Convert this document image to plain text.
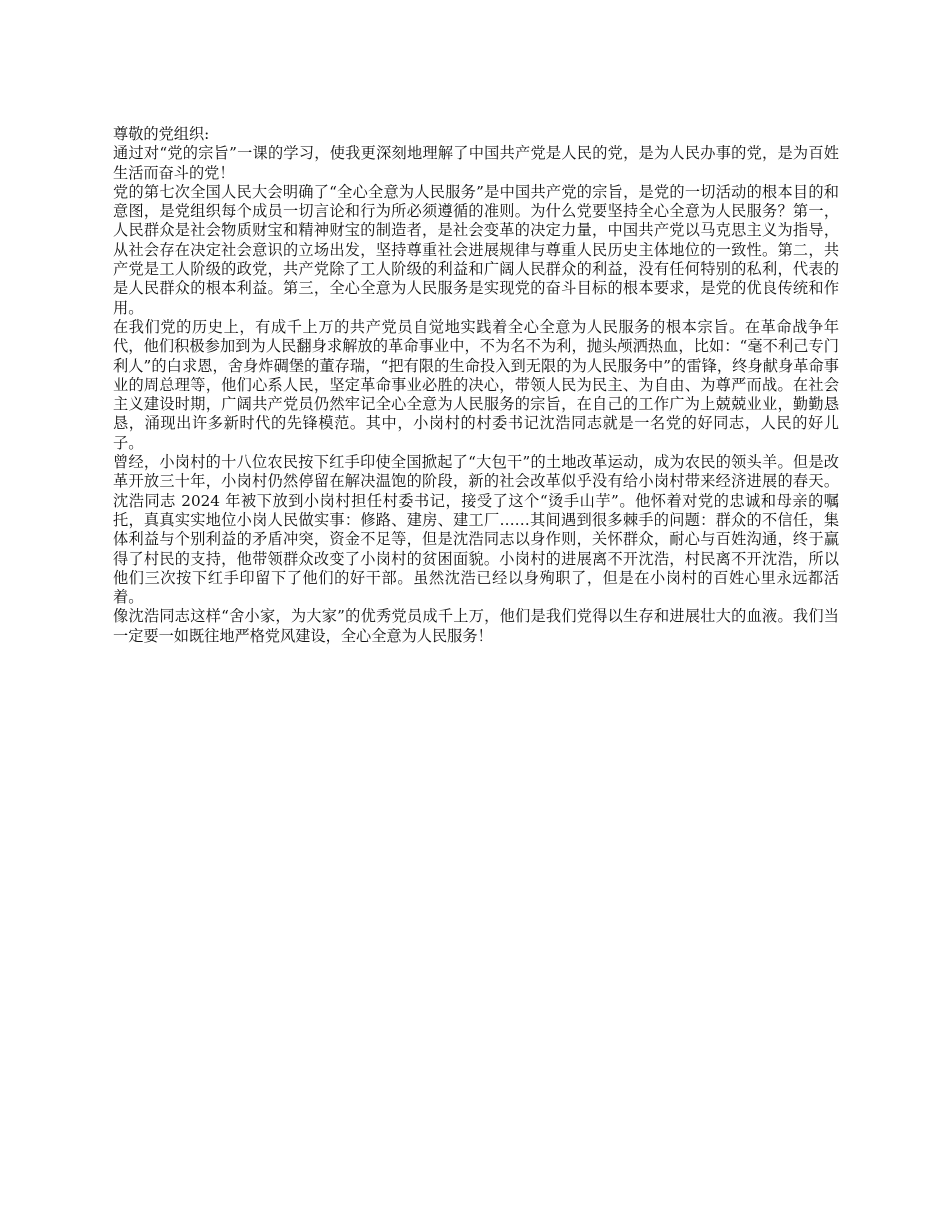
尊敬的党组织:

通过对“党的宗旨”一课的学习，使我更深刻地理解了中国共产党是人民的党，是为人民办事的党，是为百姓生活而奋斗的党！

党的第七次全国人民大会明确了“全心全意为人民服务”是中国共产党的宗旨，是党的一切活动的根本目的和意图，是党组织每个成员一切言论和行为所必须遵循的准则。为什么党要坚持全心全意为人民服务？第一，人民群众是社会物质财宝和精神财宝的制造者，是社会变革的决定力量，中国共产党以马克思主义为指导，从社会存在决定社会意识的立场出发，坚持尊重社会进展规律与尊重人民历史主体地位的一致性。第二，共产党是工人阶级的政党，共产党除了工人阶级的利益和广阔人民群众的利益，没有任何特别的私利，代表的是人民群众的根本利益。第三，全心全意为人民服务是实现党的奋斗目标的根本要求，是党的优良传统和作用。

在我们党的历史上，有成千上万的共产党员自觉地实践着全心全意为人民服务的根本宗旨。在革命战争年代，他们积极参加到为人民翻身求解放的革命事业中，不为名不为利，抛头颅洒热血，比如：“毫不利己专门利人”的白求恩，舍身炸碉堡的董存瑞，“把有限的生命投入到无限的为人民服务中”的雷锋，终身献身革命事业的周总理等，他们心系人民，坚定革命事业必胜的决心，带领人民为民主、为自由、为尊严而战。在社会主义建设时期，广阔共产党员仍然牢记全心全意为人民服务的宗旨，在自己的工作广为上兢兢业业，勤勤恳恳，涌现出许多新时代的先锋模范。其中，小岗村的村委书记沈浩同志就是一名党的好同志，人民的好儿子。

曾经，小岗村的十八位农民按下红手印使全国掀起了“大包干”的土地改革运动，成为农民的领头羊。但是改革开放三十年，小岗村仍然停留在解决温饱的阶段，新的社会改革似乎没有给小岗村带来经济进展的春天。沈浩同志 2024 年被下放到小岗村担任村委书记，接受了这个“烫手山芋”。他怀着对党的忠诚和母亲的嘱托，真真实实地位小岗人民做实事：修路、建房、建工厂……其间遇到很多棘手的问题：群众的不信任，集体利益与个别利益的矛盾冲突，资金不足等，但是沈浩同志以身作则，关怀群众，耐心与百姓沟通，终于赢得了村民的支持，他带领群众改变了小岗村的贫困面貌。小岗村的进展离不开沈浩，村民离不开沈浩，所以他们三次按下红手印留下了他们的好干部。虽然沈浩已经以身殉职了，但是在小岗村的百姓心里永远都活着。

像沈浩同志这样“舍小家，为大家”的优秀党员成千上万，他们是我们党得以生存和进展壮大的血液。我们当一定要一如既往地严格党风建设，全心全意为人民服务！
